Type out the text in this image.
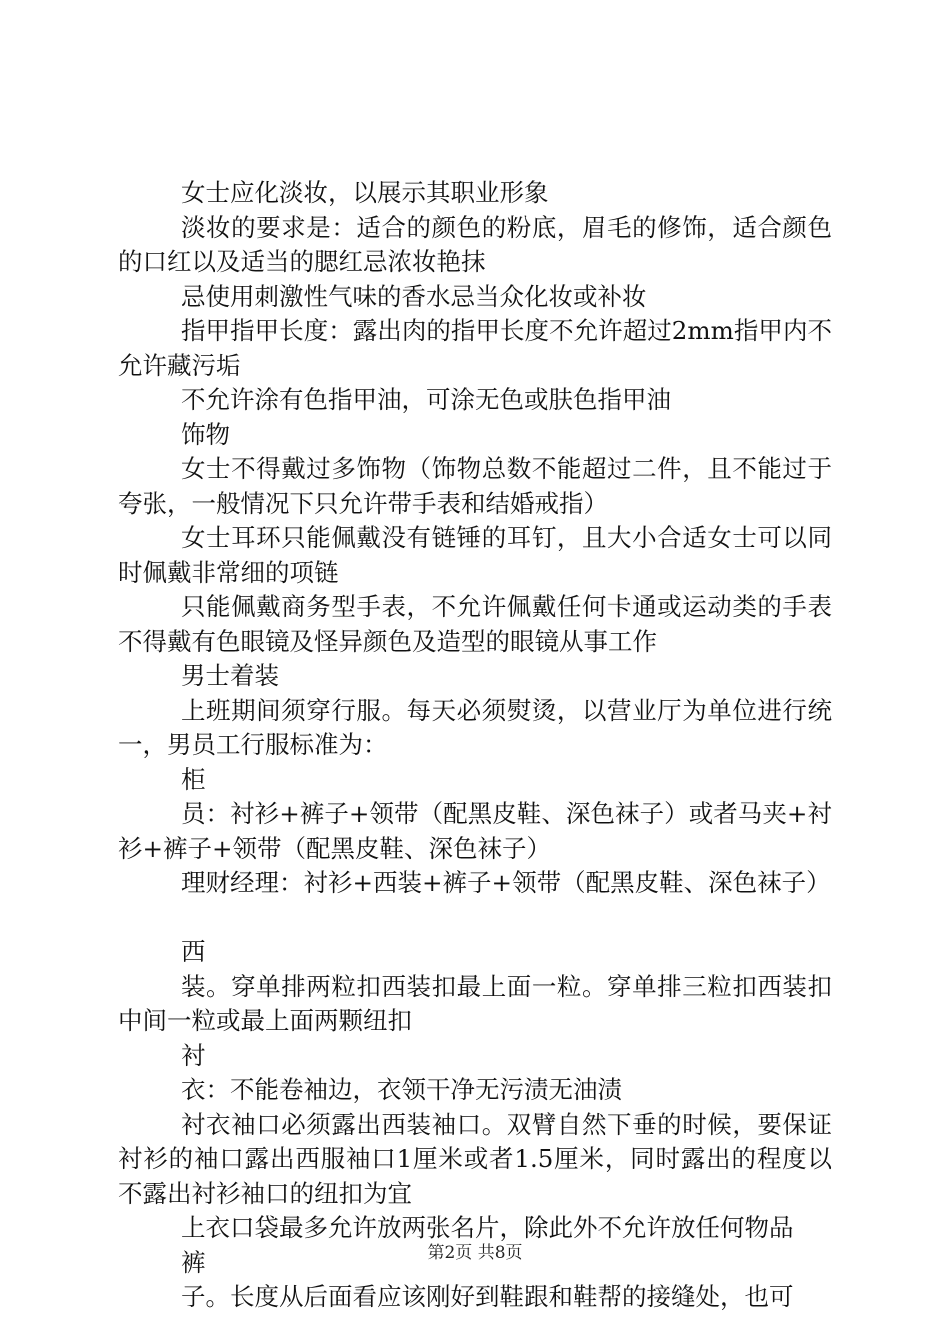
女士应化淡妆，以展示其职业形象

淡妆的要求是：适合的颜色的粉底，眉毛的修饰，适合颜色的口红以及适当的腮红忌浓妆艳抹

忌使用刺激性气味的香水忌当众化妆或补妆

指甲指甲长度：露出肉的指甲长度不允许超过2mm指甲内不允许藏污垢

不允许涂有色指甲油，可涂无色或肤色指甲油

饰物

女士不得戴过多饰物（饰物总数不能超过二件，且不能过于夸张，一般情况下只允许带手表和结婚戒指）

女士耳环只能佩戴没有链锤的耳钉，且大小合适女士可以同时佩戴非常细的项链

只能佩戴商务型手表，不允许佩戴任何卡通或运动类的手表不得戴有色眼镜及怪异颜色及造型的眼镜从事工作

男士着装

上班期间须穿行服。每天必须熨烫，以营业厅为单位进行统一，男员工行服标准为：

柜

员：衬衫+裤子+领带（配黑皮鞋、深色袜子）或者马夹+衬衫+裤子+领带（配黑皮鞋、深色袜子）

理财经理：衬衫+西装+裤子+领带（配黑皮鞋、深色袜子）

西

装。穿单排两粒扣西装扣最上面一粒。穿单排三粒扣西装扣中间一粒或最上面两颗纽扣

衬

衣：不能卷袖边，衣领干净无污渍无油渍

衬衣袖口必须露出西装袖口。双臂自然下垂的时候，要保证衬衫的袖口露出西服袖口1厘米或者1.5厘米，同时露出的程度以不露出衬衫袖口的纽扣为宜

上衣口袋最多允许放两张名片，除此外不允许放任何物品

裤

子。长度从后面看应该刚好到鞋跟和鞋帮的接缝处，也可

第2页 共8页
